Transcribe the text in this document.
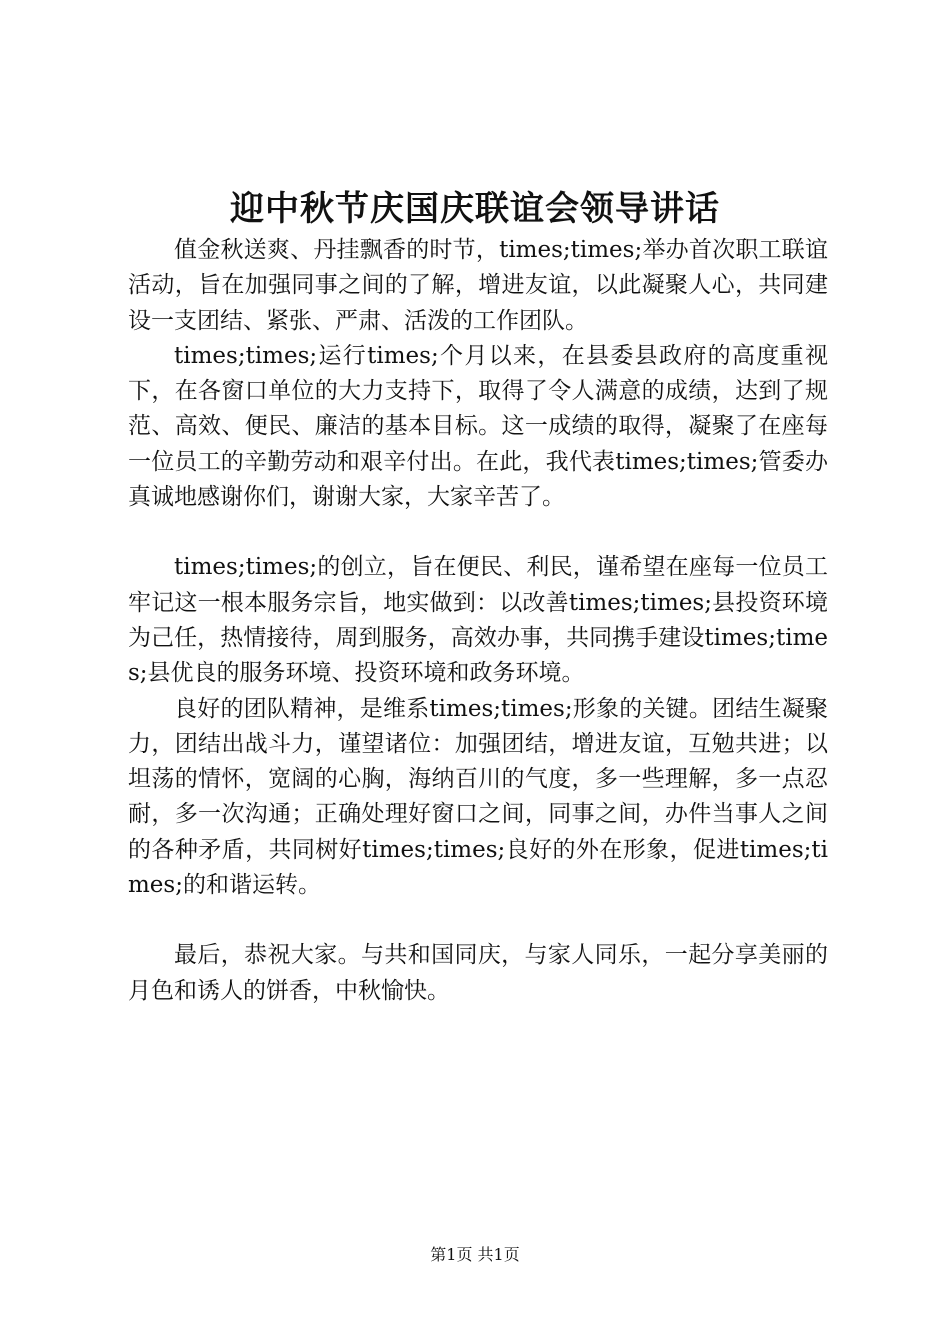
迎中秋节庆国庆联谊会领导讲话

值金秋送爽、丹挂飘香的时节，times;times;举办首次职工联谊活动，旨在加强同事之间的了解，增进友谊，以此凝聚人心，共同建设一支团结、紧张、严肃、活泼的工作团队。

times;times;运行times;个月以来，在县委县政府的高度重视下，在各窗口单位的大力支持下，取得了令人满意的成绩，达到了规范、高效、便民、廉洁的基本目标。这一成绩的取得，凝聚了在座每一位员工的辛勤劳动和艰辛付出。在此，我代表times;times;管委办真诚地感谢你们，谢谢大家，大家辛苦了。

times;times;的创立，旨在便民、利民，谨希望在座每一位员工牢记这一根本服务宗旨，地实做到：以改善times;times;县投资环境为己任，热情接待，周到服务，高效办事，共同携手建设times;times;县优良的服务环境、投资环境和政务环境。

良好的团队精神，是维系times;times;形象的关键。团结生凝聚力，团结出战斗力，谨望诸位：加强团结，增进友谊，互勉共进；以坦荡的情怀，宽阔的心胸，海纳百川的气度，多一些理解，多一点忍耐，多一次沟通；正确处理好窗口之间，同事之间，办件当事人之间的各种矛盾，共同树好times;times;良好的外在形象，促进times;times;的和谐运转。

最后，恭祝大家。与共和国同庆，与家人同乐，一起分享美丽的月色和诱人的饼香，中秋愉快。

第1页 共1页
